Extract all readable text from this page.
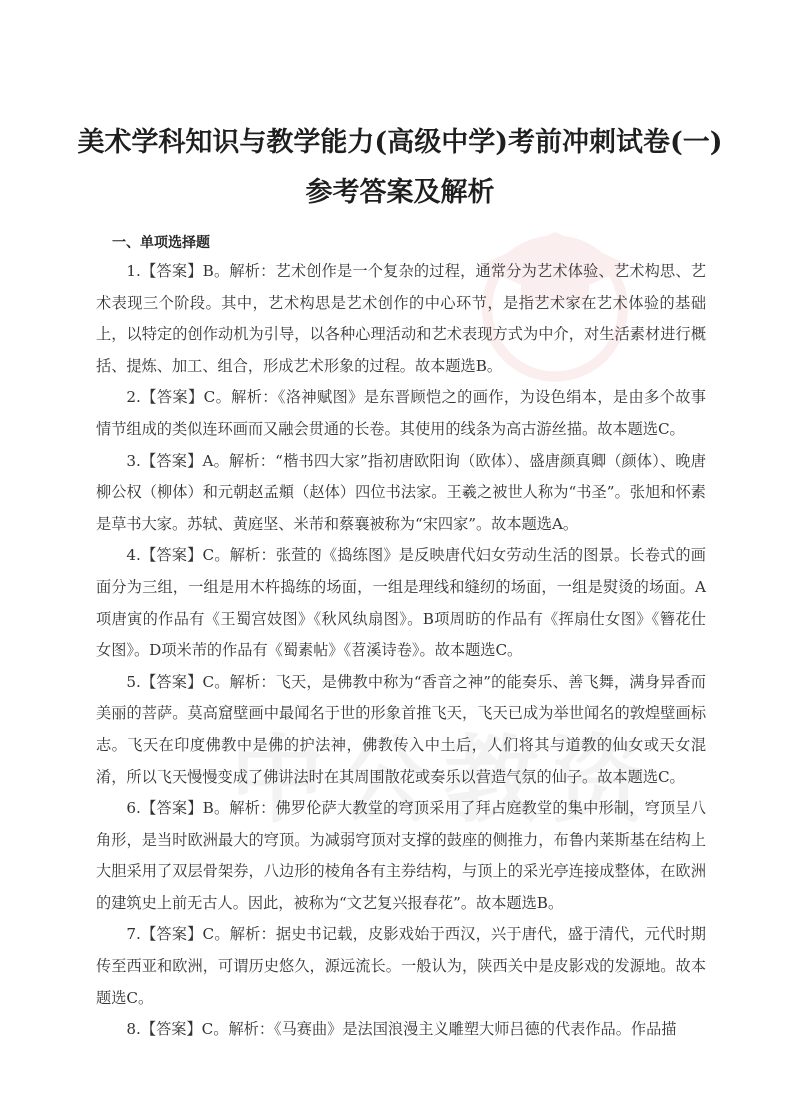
美术学科知识与教学能力(高级中学)考前冲刺试卷(一)
参考答案及解析
一、单项选择题

1.【答案】B。解析：艺术创作是一个复杂的过程，通常分为艺术体验、艺术构思、艺术表现三个阶段。其中，艺术构思是艺术创作的中心环节，是指艺术家在艺术体验的基础上，以特定的创作动机为引导，以各种心理活动和艺术表现方式为中介，对生活素材进行概括、提炼、加工、组合，形成艺术形象的过程。故本题选B。

2.【答案】C。解析：《洛神赋图》是东晋顾恺之的画作，为设色绢本，是由多个故事情节组成的类似连环画而又融会贯通的长卷。其使用的线条为高古游丝描。故本题选C。

3.【答案】A。解析：“楷书四大家”指初唐欧阳询（欧体）、盛唐颜真卿（颜体）、晚唐柳公权（柳体）和元朝赵孟頫（赵体）四位书法家。王羲之被世人称为“书圣”。张旭和怀素是草书大家。苏轼、黄庭坚、米芾和蔡襄被称为“宋四家”。故本题选A。

4.【答案】C。解析：张萱的《捣练图》是反映唐代妇女劳动生活的图景。长卷式的画面分为三组，一组是用木杵捣练的场面，一组是理线和缝纫的场面，一组是熨烫的场面。A项唐寅的作品有《王蜀宫妓图》《秋风纨扇图》。B项周昉的作品有《挥扇仕女图》《簪花仕女图》。D项米芾的作品有《蜀素帖》《苕溪诗卷》。故本题选C。

5.【答案】C。解析：飞天，是佛教中称为“香音之神”的能奏乐、善飞舞，满身异香而美丽的菩萨。莫高窟壁画中最闻名于世的形象首推飞天，飞天已成为举世闻名的敦煌壁画标志。飞天在印度佛教中是佛的护法神，佛教传入中土后，人们将其与道教的仙女或天女混淆，所以飞天慢慢变成了佛讲法时在其周围散花或奏乐以营造气氛的仙子。故本题选C。

6.【答案】B。解析：佛罗伦萨大教堂的穹顶采用了拜占庭教堂的集中形制，穹顶呈八角形，是当时欧洲最大的穹顶。为减弱穹顶对支撑的鼓座的侧推力，布鲁内莱斯基在结构上大胆采用了双层骨架券，八边形的棱角各有主券结构，与顶上的采光亭连接成整体，在欧洲的建筑史上前无古人。因此，被称为“文艺复兴报春花”。故本题选B。

7.【答案】C。解析：据史书记载，皮影戏始于西汉，兴于唐代，盛于清代，元代时期传至西亚和欧洲，可谓历史悠久，源远流长。一般认为，陕西关中是皮影戏的发源地。故本题选C。

8.【答案】C。解析：《马赛曲》是法国浪漫主义雕塑大师吕德的代表作品。作品描
